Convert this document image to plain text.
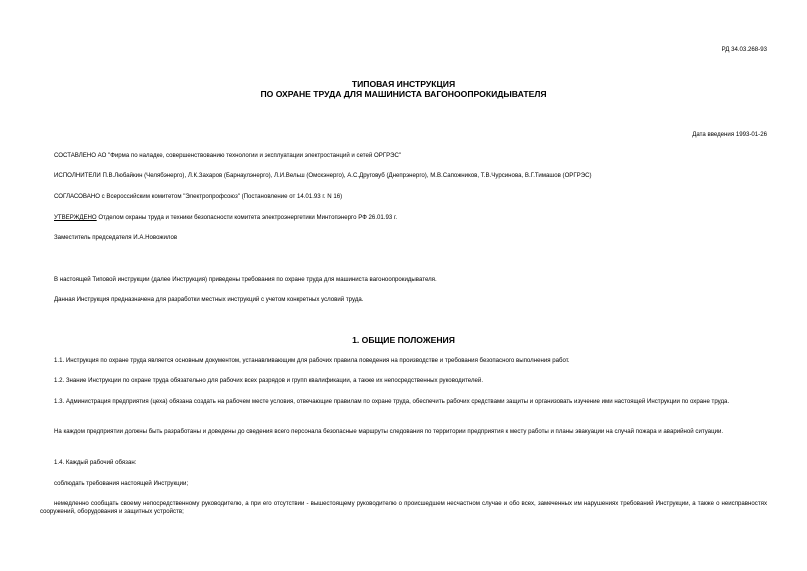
РД 34.03.268-93
ТИПОВАЯ ИНСТРУКЦИЯ
ПО ОХРАНЕ ТРУДА ДЛЯ МАШИНИСТА ВАГОНООПРОКИДЫВАТЕЛЯ
Дата введения 1993-01-26
СОСТАВЛЕНО АО "Фирма по наладке, совершенствованию технологии и эксплуатации электростанций и сетей ОРГРЭС"
ИСПОЛНИТЕЛИ П.В.Любайкин (Челябэнерго), Л.К.Захаров (Барнаулэнерго), Л.И.Вельш (Омскэнерго), А.С.Друговуб (Днепрэнерго), М.В.Сапожников, Т.В.Чурсинова, В.Г.Тимашов (ОРГРЭС)
СОГЛАСОВАНО с Всероссийским комитетом "Электропрофсоюз" (Постановление от 14.01.93 г. N 16)
УТВЕРЖДЕНО Отделом охраны труда и техники безопасности комитета электроэнергетики Минтопэнерго РФ 26.01.93 г.
Заместитель председателя И.А.Новожилов
В настоящей Типовой инструкции (далее Инструкция) приведены требования по охране труда для машиниста вагоноопрокидывателя.
Данная Инструкция предназначена для разработки местных инструкций с учетом конкретных условий труда.
1. ОБЩИЕ ПОЛОЖЕНИЯ
1.1. Инструкция по охране труда является основным документом, устанавливающим для рабочих правила поведения на производстве и требования безопасного выполнения работ.
1.2. Знание Инструкции по охране труда обязательно для рабочих всех разрядов и групп квалификации, а также их непосредственных руководителей.
1.3. Администрация предприятия (цеха) обязана создать на рабочем месте условия, отвечающие правилам по охране труда, обеспечить рабочих средствами защиты и организовать изучение ими настоящей Инструкции по охране труда.
На каждом предприятии должны быть разработаны и доведены до сведения всего персонала безопасные маршруты следования по территории предприятия к месту работы и планы эвакуации на случай пожара и аварийной ситуации.
1.4. Каждый рабочий обязан:
соблюдать требования настоящей Инструкции;
немедленно сообщать своему непосредственному руководителю, а при его отсутствии - вышестоящему руководителю о происшедшем несчастном случае и обо всех, замеченных им нарушениях требований Инструкции, а также о неисправностях сооружений, оборудования и защитных устройств;
